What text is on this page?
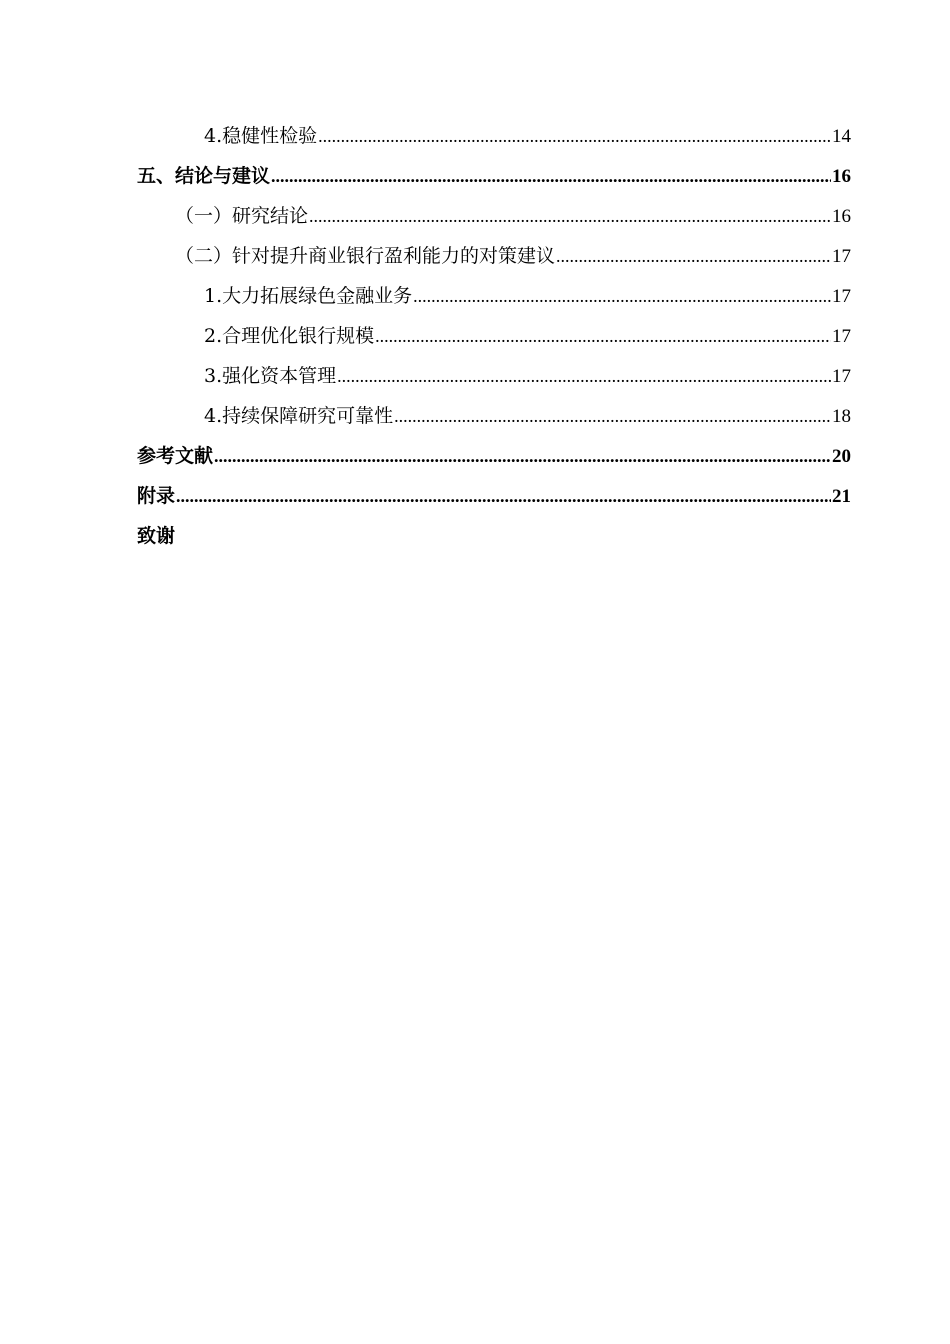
4.稳健性检验 .....	14
五、结论与建议 .....	16
（一）研究结论 .....	16
（二）针对提升商业银行盈利能力的对策建议 .....	17
1.大力拓展绿色金融业务 .....	17
2.合理优化银行规模 .....	17
3.强化资本管理 .....	17
4.持续保障研究可靠性 .....	18
参考文献 .....	20
附录 .....	21
致谢
